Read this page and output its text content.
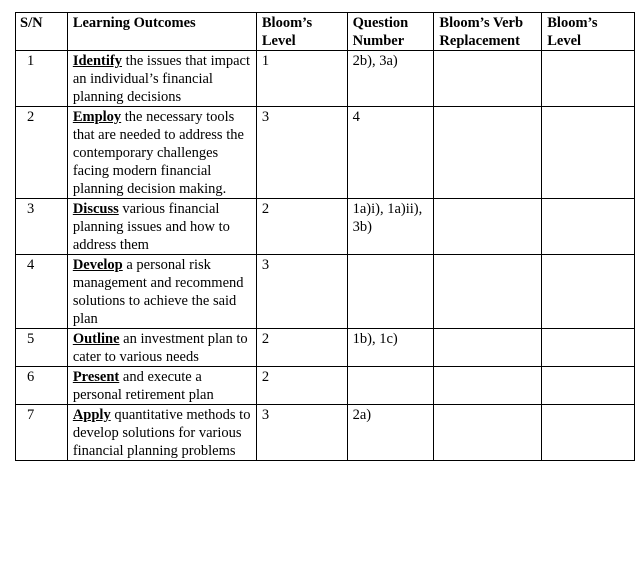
S/N	Learning Outcomes	Bloom’s Level	Question Number	Bloom’s Verb Replacement	Bloom’s Level
1	Identify the issues that impact an individual’s financial planning decisions	1	2b), 3a)		
2	Employ the necessary tools that are needed to address the contemporary challenges facing modern financial planning decision making.	3	4		
3	Discuss various financial planning issues and how to address them	2	1a)i), 1a)ii), 3b)		
4	Develop a personal risk management and recommend solutions to achieve the said plan	3			
5	Outline an investment plan to cater to various needs	2	1b), 1c)		
6	Present and execute a personal retirement plan	2			
7	Apply quantitative methods to develop solutions for various financial planning problems	3	2a)		
